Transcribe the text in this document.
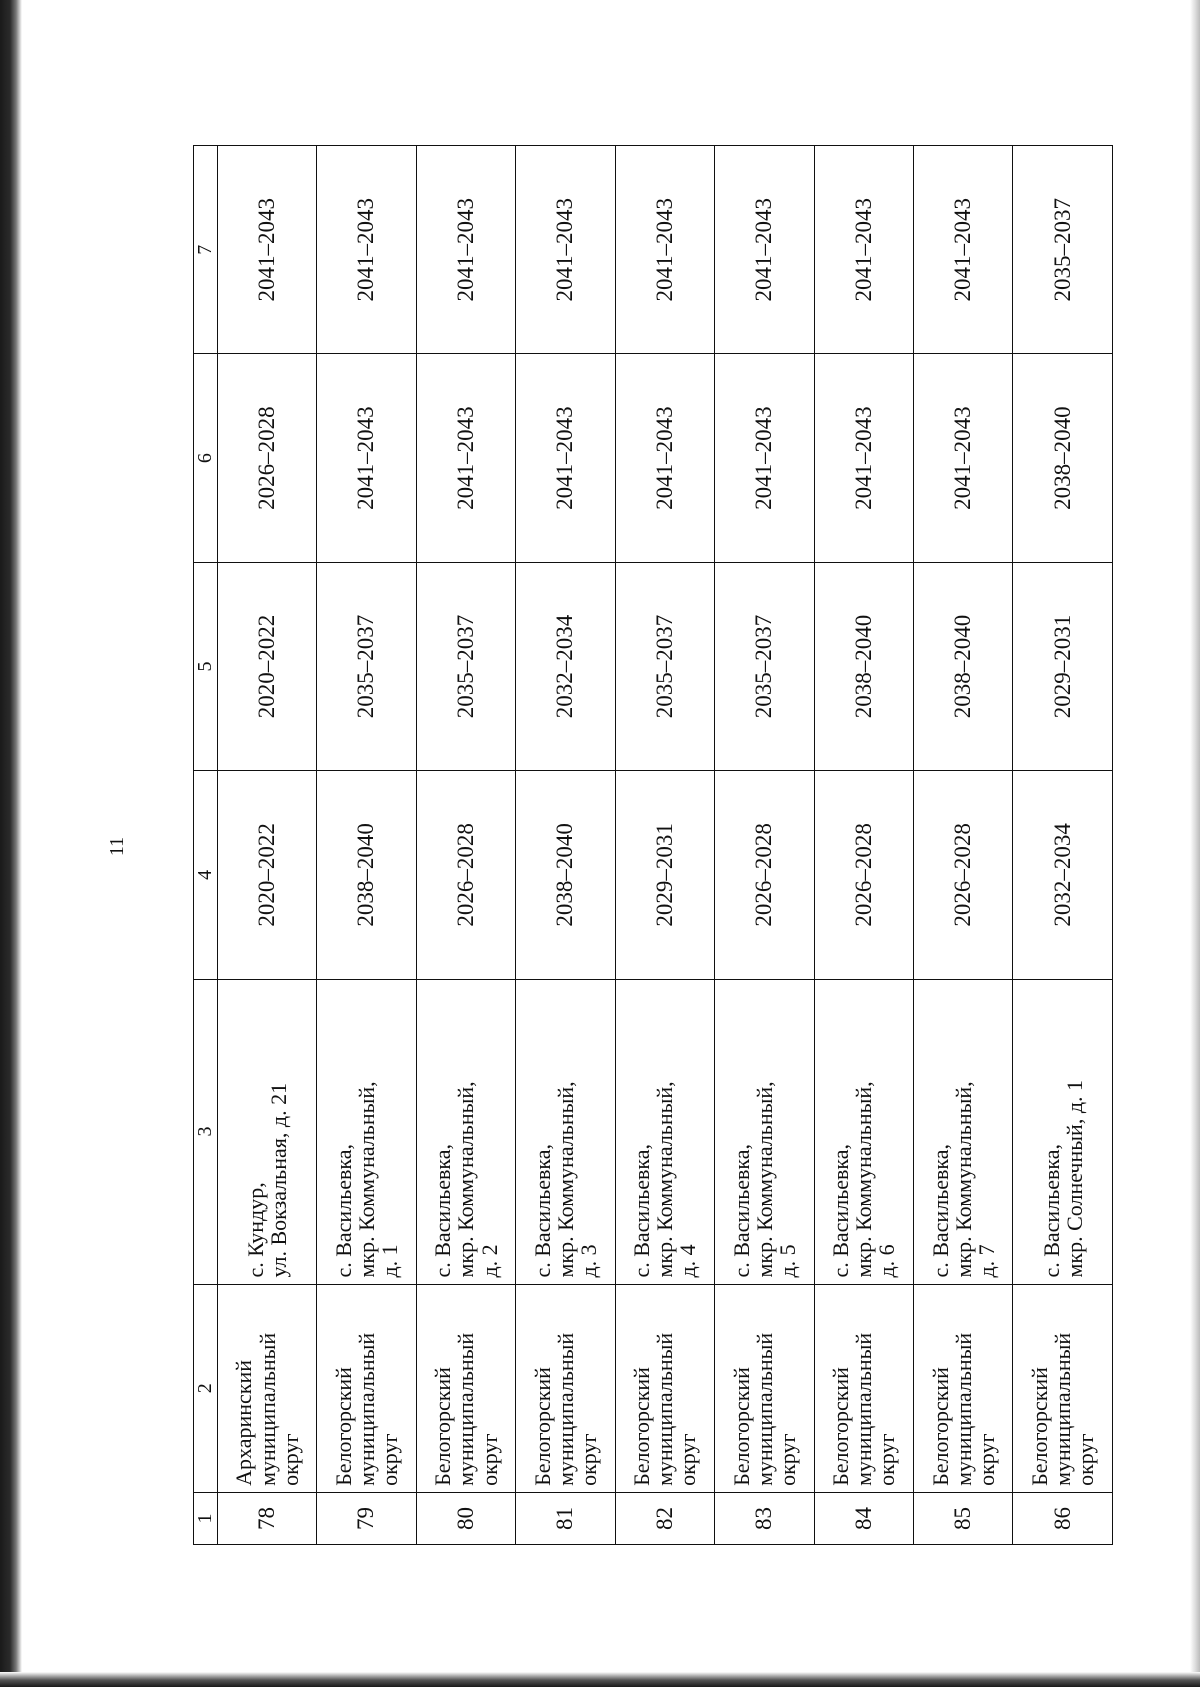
11
1	2	3	4	5	6	7
78	Архаринский
муниципальный
округ	с. Кундур,
ул. Вокзальная, д. 21	2020–2022	2020–2022	2026–2028	2041–2043
79	Белогорский
муниципальный
округ	с. Васильевка,
мкр. Коммунальный,
д. 1	2038–2040	2035–2037	2041–2043	2041–2043
80	Белогорский
муниципальный
округ	с. Васильевка,
мкр. Коммунальный,
д. 2	2026–2028	2035–2037	2041–2043	2041–2043
81	Белогорский
муниципальный
округ	с. Васильевка,
мкр. Коммунальный,
д. 3	2038–2040	2032–2034	2041–2043	2041–2043
82	Белогорский
муниципальный
округ	с. Васильевка,
мкр. Коммунальный,
д. 4	2029–2031	2035–2037	2041–2043	2041–2043
83	Белогорский
муниципальный
округ	с. Васильевка,
мкр. Коммунальный,
д. 5	2026–2028	2035–2037	2041–2043	2041–2043
84	Белогорский
муниципальный
округ	с. Васильевка,
мкр. Коммунальный,
д. 6	2026–2028	2038–2040	2041–2043	2041–2043
85	Белогорский
муниципальный
округ	с. Васильевка,
мкр. Коммунальный,
д. 7	2026–2028	2038–2040	2041–2043	2041–2043
86	Белогорский
муниципальный
округ	с. Васильевка,
мкр. Солнечный, д. 1	2032–2034	2029–2031	2038–2040	2035–2037
